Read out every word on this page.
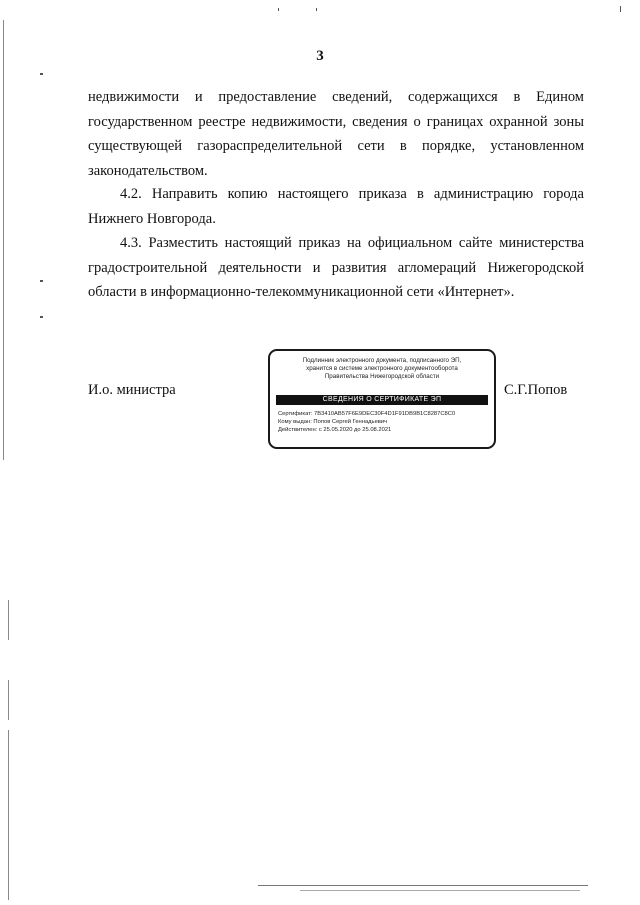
3
недвижимости и предоставление сведений, содержащихся в Едином
государственном реестре недвижимости, сведения о границах охранной зоны
существующей газораспределительной сети в порядке, установленном
законодательством.
4.2. Направить копию настоящего приказа в администрацию города
Нижнего Новгорода.
4.3. Разместить настоящий приказ на официальном сайте министерства
градостроительной деятельности и развития агломераций Нижегородской
области в информационно-телекоммуникационной сети «Интернет».
И.о. министра	С.Г.Попов
Подлинник электронного документа, подписанного ЭП,
хранится в системе электронного документооборота
Правительства Нижегородской области
СВЕДЕНИЯ О СЕРТИФИКАТЕ ЭП
Сертификат: 7B3410AB57F6E9DEC30F4D1F91DB9B1C8287C8C0
Кому выдан: Попов Сергей Геннадьевич
Действителен: с 25.05.2020 до 25.08.2021
